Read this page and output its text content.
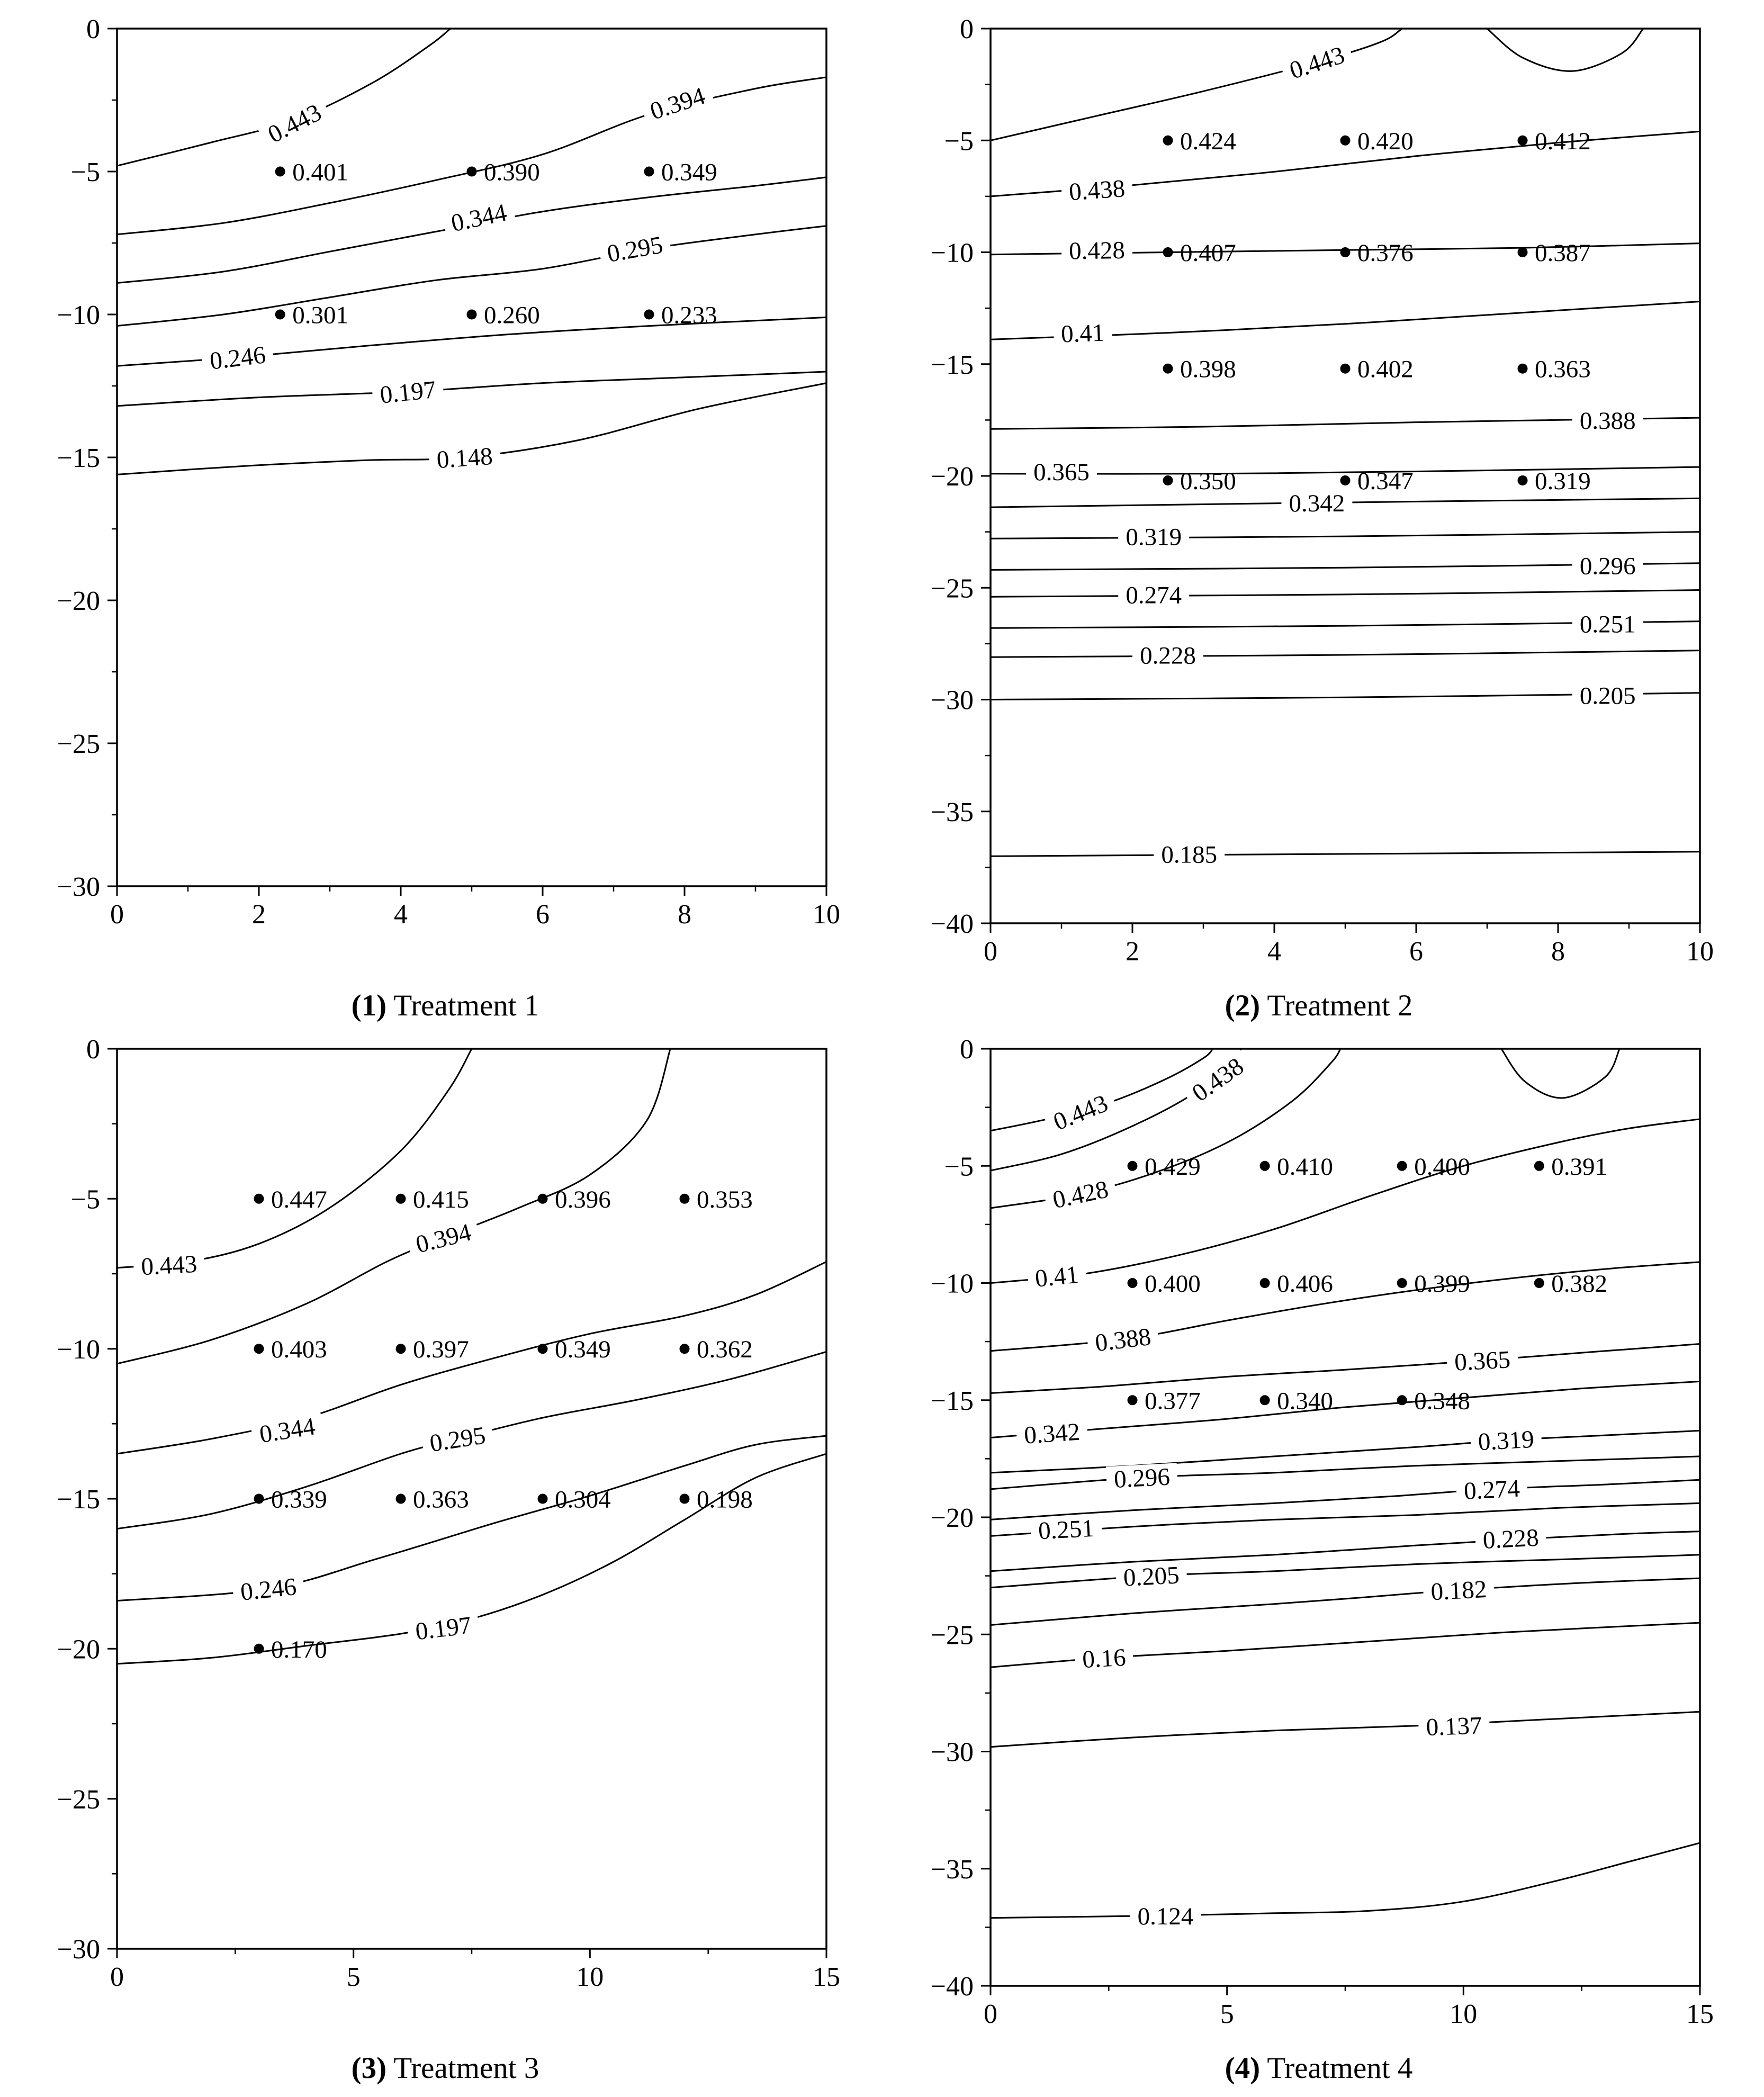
0.443	0.394
0.344
0.295
0.246
0.197
0.148
0.401	0.390	0.349
0.301	0.260	0.233
0	2	4	6	8	10
0
−5
−10
−15
−20
−25
−30
(1) Treatment 1
0.443
0.438
0.428
0.41
0.388
0.365
0.342
0.319
0.296
0.274
0.251
0.228
0.205
0.185
0.424	0.420	0.412
0.407	0.376	0.387
0.398	0.402	0.363
0.350	0.347	0.319
0	2	4	6	8	10
0
−5
−10
−15
−20
−25
−30
−35
−40
(2) Treatment 2
0.443
0.394
0.344	0.295
0.246
0.197
0.447	0.415	0.396	0.353
0.403	0.397	0.349	0.362
0.339	0.363	0.304	0.198
0.170
0	5	10	15
0
−5
−10
−15
−20
−25
−30
(3) Treatment 3
0.443
0.438
0.428
0.41
0.388
0.365
0.342	0.319
0.296	0.274
0.251	0.228
0.205	0.182
0.16
0.137
0.124
0.429	0.410	0.400	0.391
0.400	0.406	0.399	0.382
0.377	0.340	0.348
0	5	10	15
0
−5
−10
−15
−20
−25
−30
−35
−40
(4) Treatment 4
